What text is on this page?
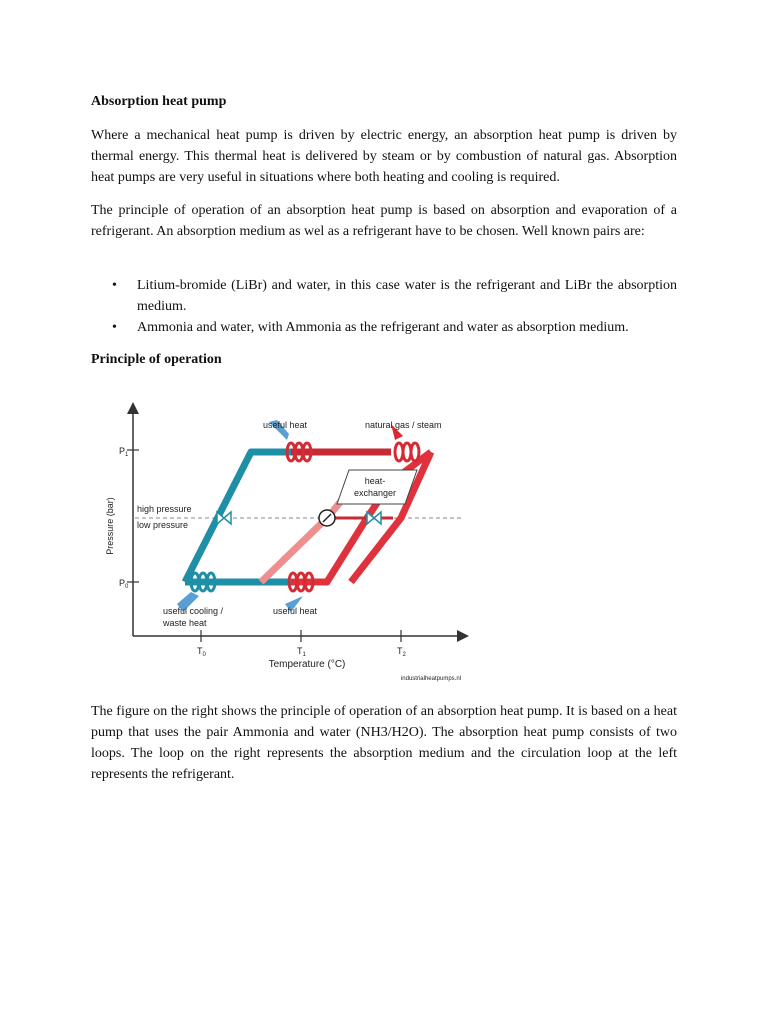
Absorption heat pump

Where a mechanical heat pump is driven by electric energy, an absorption heat pump is driven by thermal energy. This thermal heat is delivered by steam or by combustion of natural gas. Absorption heat pumps are very useful in situations where both heating and cooling is required.

The principle of operation of an absorption heat pump is based on absorption and evaporation of a refrigerant. An absorption medium as wel as a refrigerant have to be chosen. Well known pairs are:

• Litium-bromide (LiBr) and water, in this case water is the refrigerant and LiBr the absorption medium.
• Ammonia and water, with Ammonia as the refrigerant and water as absorption medium.
Principle of operation
$P_1$
$P_0$
$T_0$	$T_1$	$T_2$
Pressure (bar)
Temperature (°C)
high pressure
low pressure
heat-
exchanger
useful heat	natural gas / steam
useful cooling /
waste heat
useful heat
industrialheatpumps.nl

The figure on the right shows the principle of operation of an absorption heat pump. It is based on a heat pump that uses the pair Ammonia and water (NH3/H2O). The absorption heat pump consists of two loops. The loop on the right represents the absorption medium and the circulation loop at the left represents the refrigerant.
